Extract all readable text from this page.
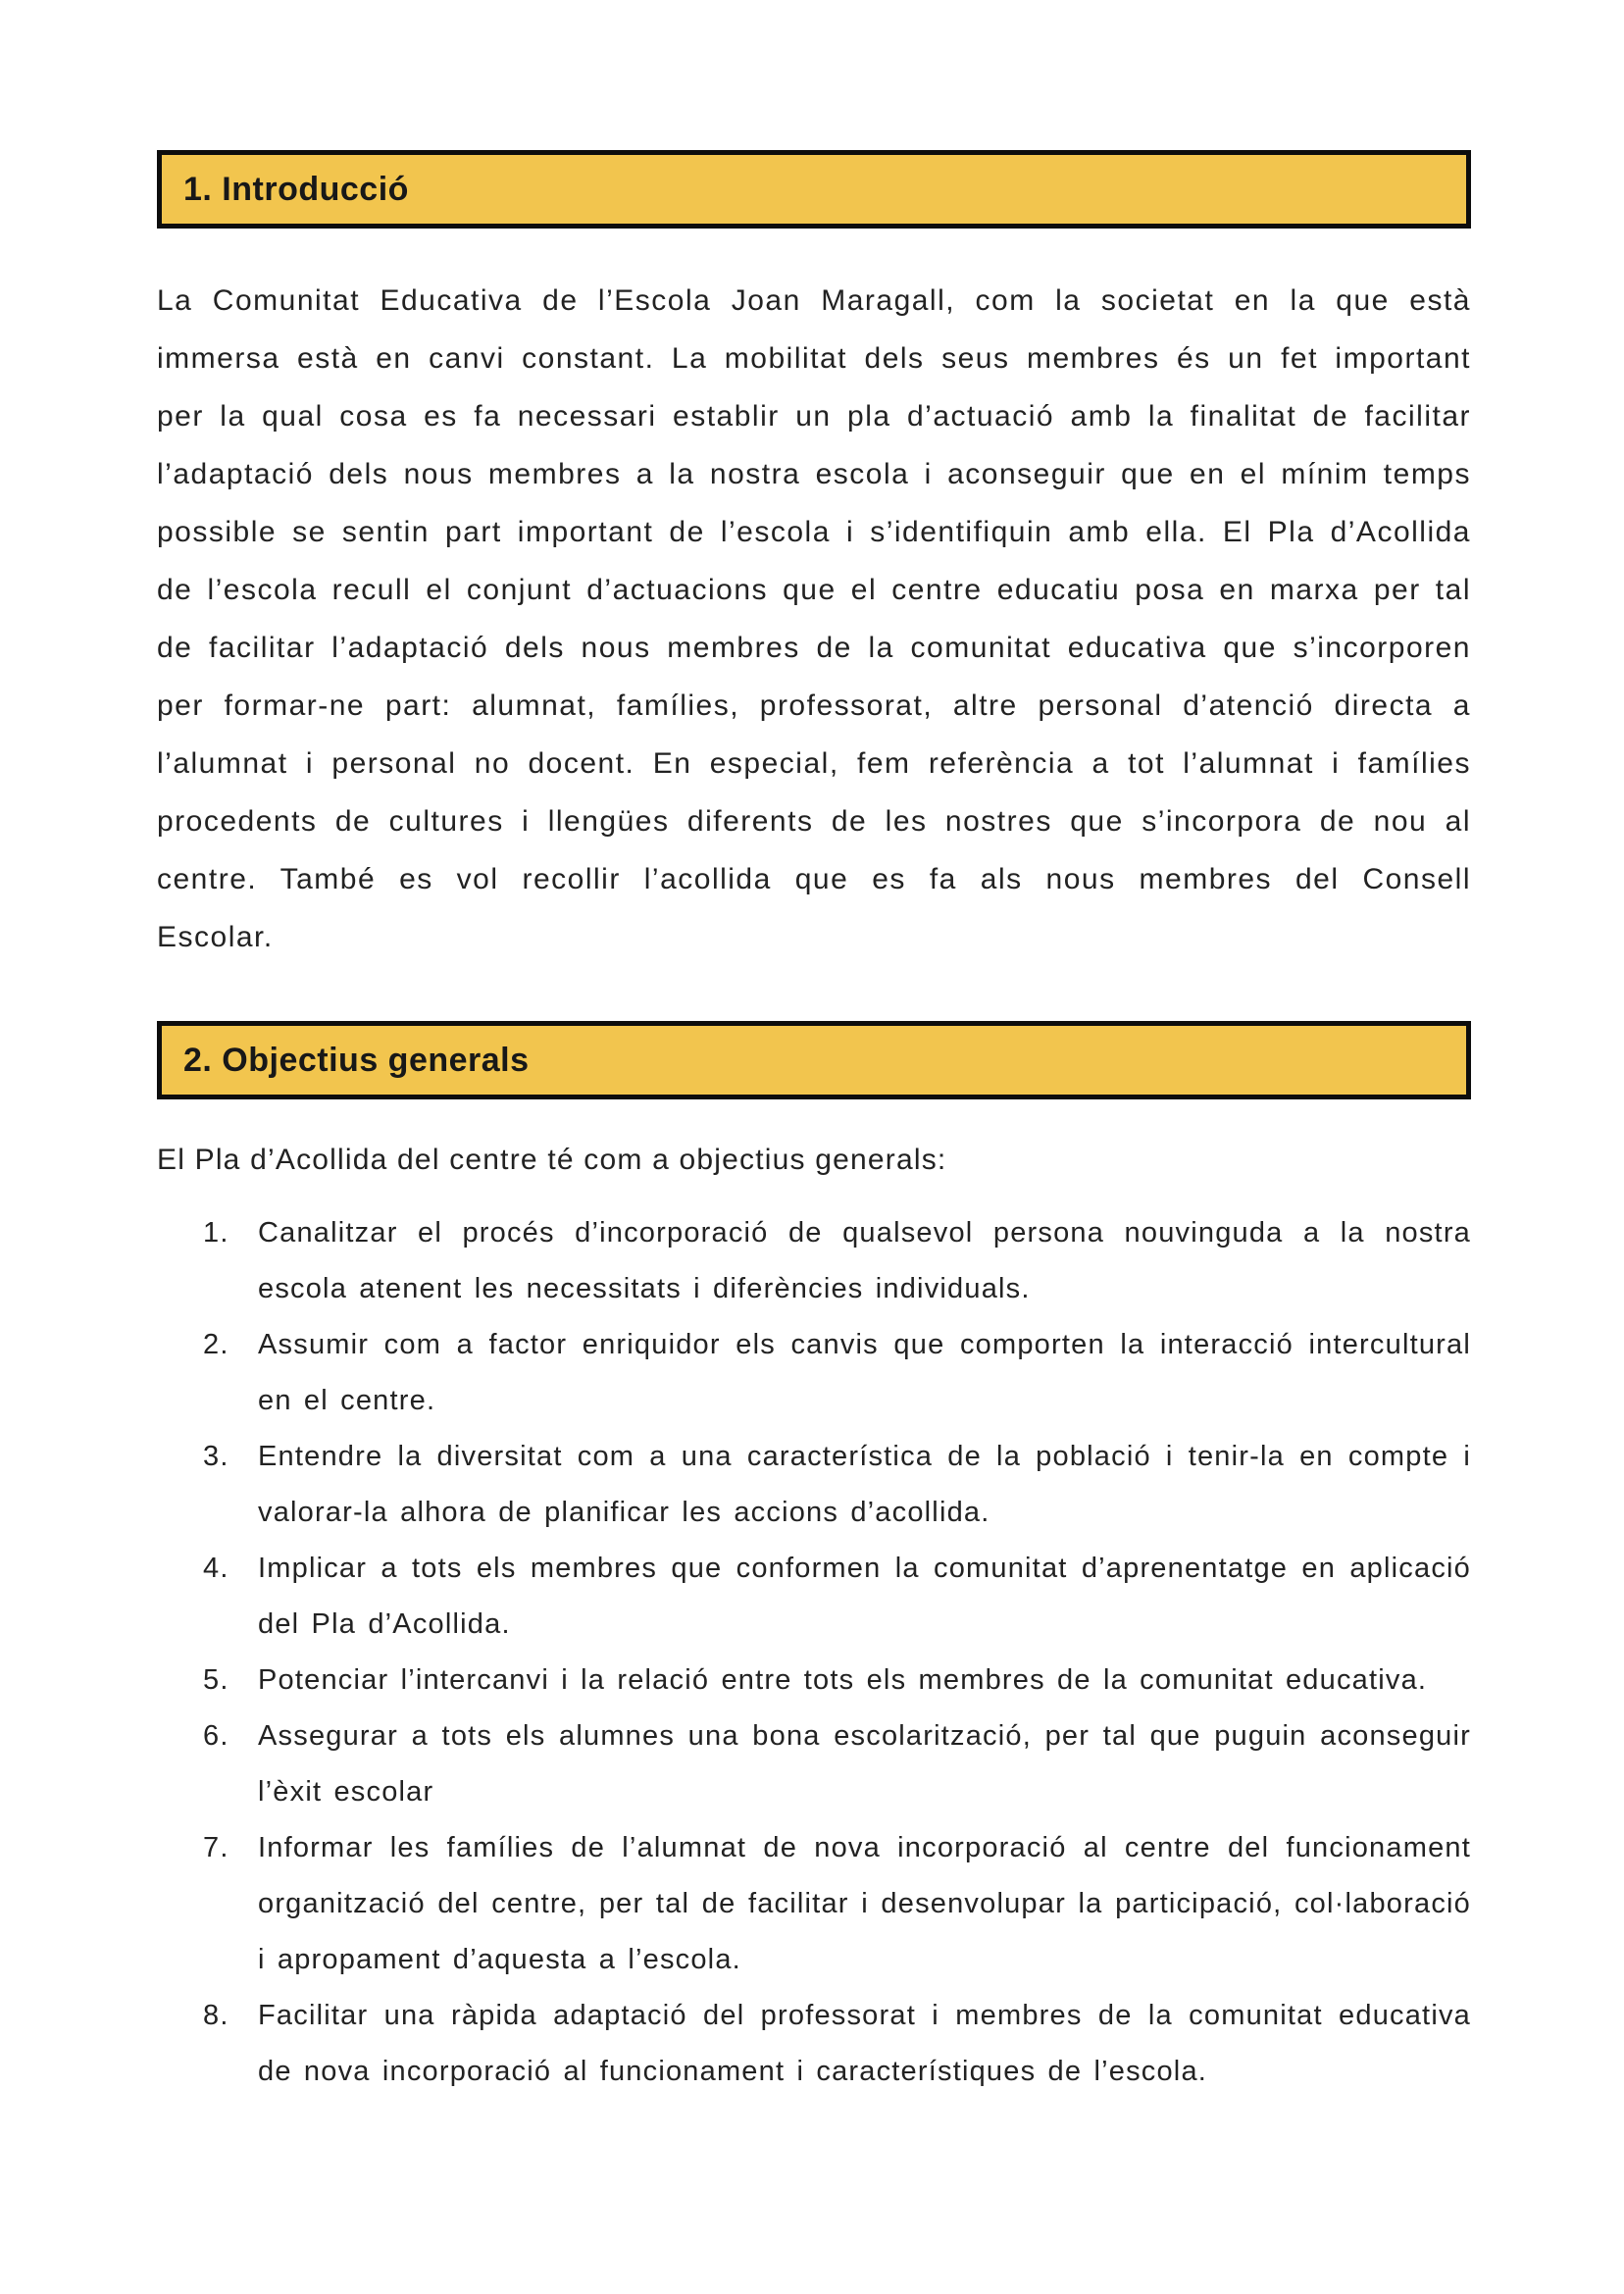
1. Introducció

La Comunitat Educativa de l’Escola Joan Maragall, com la societat en la que està immersa està en canvi constant. La mobilitat dels seus membres és un fet important per la qual cosa es fa necessari establir un pla d’actuació amb la finalitat de facilitar l’adaptació dels nous membres a la nostra escola i aconseguir que en el mínim temps possible se sentin part important de l’escola i s’identifiquin amb ella. El Pla d’Acollida de l’escola recull el conjunt d’actuacions que el centre educatiu posa en marxa per tal de facilitar l’adaptació dels nous membres de la comunitat educativa que s’incorporen per formar-ne part: alumnat, famílies, professorat, altre personal d’atenció directa a l’alumnat i personal no docent. En especial, fem referència a tot l’alumnat i famílies procedents de cultures i llengües diferents de les nostres que s’incorpora de nou al centre. També es vol recollir l’acollida que es fa als nous membres del Consell Escolar.

2. Objectius generals

El Pla d’Acollida del centre té com a objectius generals:

1.	Canalitzar el procés d’incorporació de qualsevol persona nouvinguda a la nostra escola atenent les necessitats i diferències individuals.
2.	Assumir com a factor enriquidor els canvis que comporten la interacció intercultural en el centre.
3.	Entendre la diversitat com a una característica de la població i tenir-la en compte i valorar-la alhora de planificar les accions d’acollida.
4.	Implicar a tots els membres que conformen la comunitat d’aprenentatge en aplicació del Pla d’Acollida.
5.	Potenciar l’intercanvi i la relació entre tots els membres de la comunitat educativa.
6.	Assegurar a tots els alumnes una bona escolarització, per tal que puguin aconseguir l’èxit escolar
7.	Informar les famílies de l’alumnat de nova incorporació al centre del funcionament organització del centre, per tal de facilitar i desenvolupar la participació, col·laboració i apropament d’aquesta a l’escola.
8.	Facilitar una ràpida adaptació del professorat i membres de la comunitat educativa de nova incorporació al funcionament i característiques de l’escola.
